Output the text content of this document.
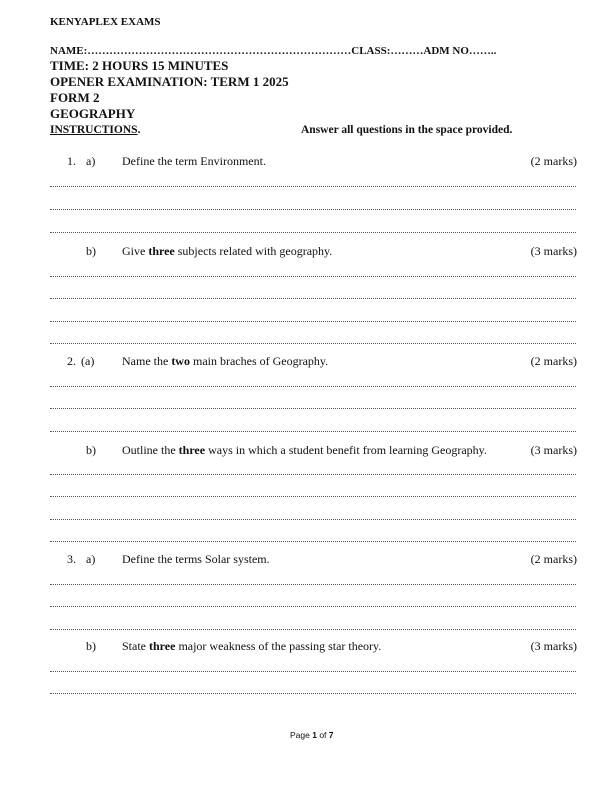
KENYAPLEX EXAMS
NAME:………………………………………………………………CLASS:………ADM NO……..
TIME: 2 HOURS 15 MINUTES
OPENER EXAMINATION: TERM 1 2025
FORM 2
GEOGRAPHY
INSTRUCTIONS.	Answer all questions in the space provided.
1. a) Define the term Environment.	(2 marks)
b) Give three subjects related with geography.	(3 marks)
2. (a) Name the two main braches of Geography.	(2 marks)
b) Outline the three ways in which a student benefit from learning Geography.	(3 marks)
3. a) Define the terms Solar system.	(2 marks)
b) State three major weakness of the passing star theory.	(3 marks)
Page 1 of 7
